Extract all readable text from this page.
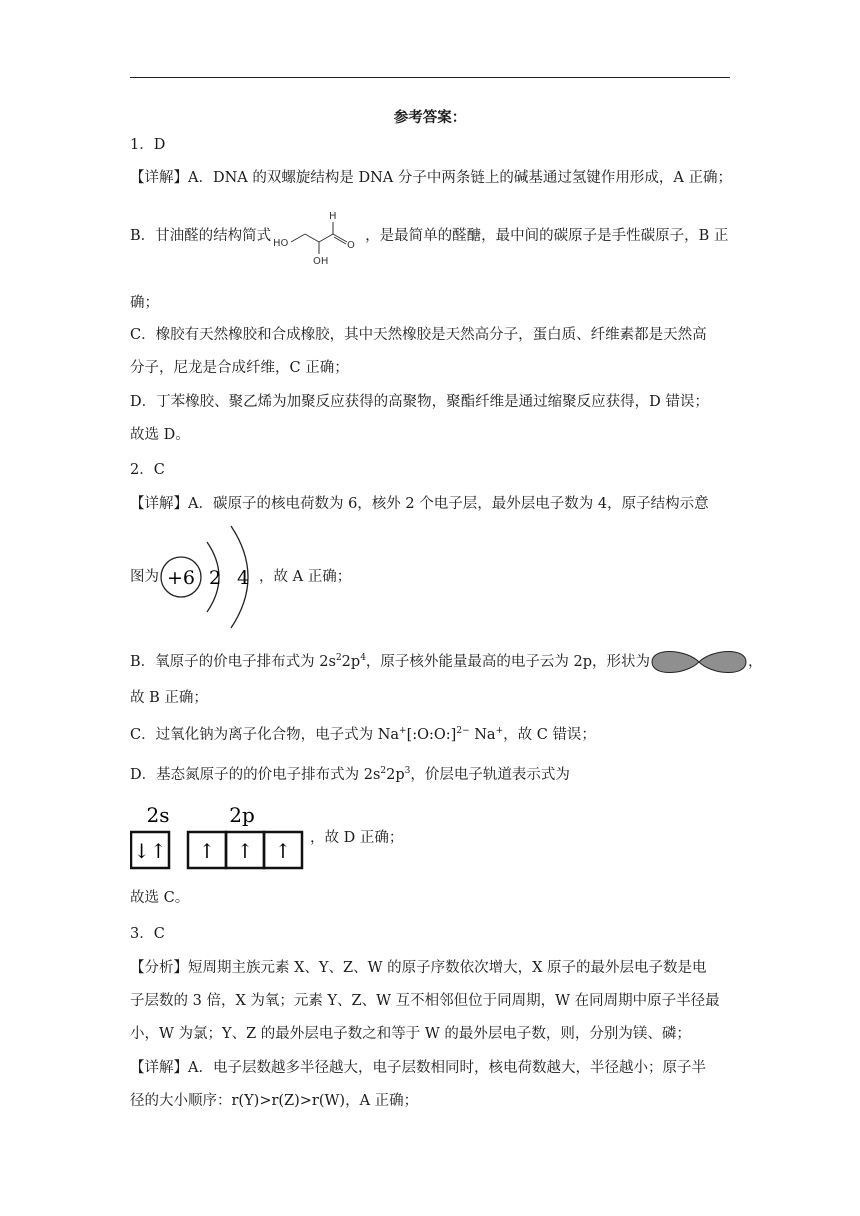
参考答案：
1．D
【详解】A．DNA 的双螺旋结构是 DNA 分子中两条链上的碱基通过氢键作用形成，A 正确；
B．甘油醛的结构简式 HO
H
O
OH
，是最简单的醛醣，最中间的碳原子是手性碳原子，B 正
确；
C．橡胶有天然橡胶和合成橡胶，其中天然橡胶是天然高分子，蛋白质、纤维素都是天然高
分子，尼龙是合成纤维，C 正确；
D．丁苯橡胶、聚乙烯为加聚反应获得的高聚物，聚酯纤维是通过缩聚反应获得，D 错误；
故选 D。
2．C
【详解】A．碳原子的核电荷数为 6，核外 2 个电子层，最外层电子数为 4，原子结构示意
图为 +6 2 4 ，故 A 正确；
B．氧原子的价电子排布式为 $2s^22p^4$，原子核外能量最高的电子云为 2p，形状为	，
故 B 正确；
C．过氧化钠为离子化合物，电子式为 Na+[:O:O:]$^{2-}$ Na+，故 C 错误；
D．基态氮原子的的价电子排布式为 $2s^22p^3$，价层电子轨道表示式为
2s	2p
↓↑ ↑ ↑ ↑
，故 D 正确；
故选 C。
3．C
【分析】短周期主族元素 X、Y、Z、W 的原子序数依次增大，X 原子的最外层电子数是电
子层数的 3 倍，X 为氧；元素 Y、Z、W 互不相邻但位于同周期，W 在同周期中原子半径最
小，W 为氯；Y、Z 的最外层电子数之和等于 W 的最外层电子数，则，分别为镁、磷；
【详解】A．电子层数越多半径越大，电子层数相同时，核电荷数越大，半径越小；原子半
径的大小顺序：r(Y)>r(Z)>r(W)，A 正确；
